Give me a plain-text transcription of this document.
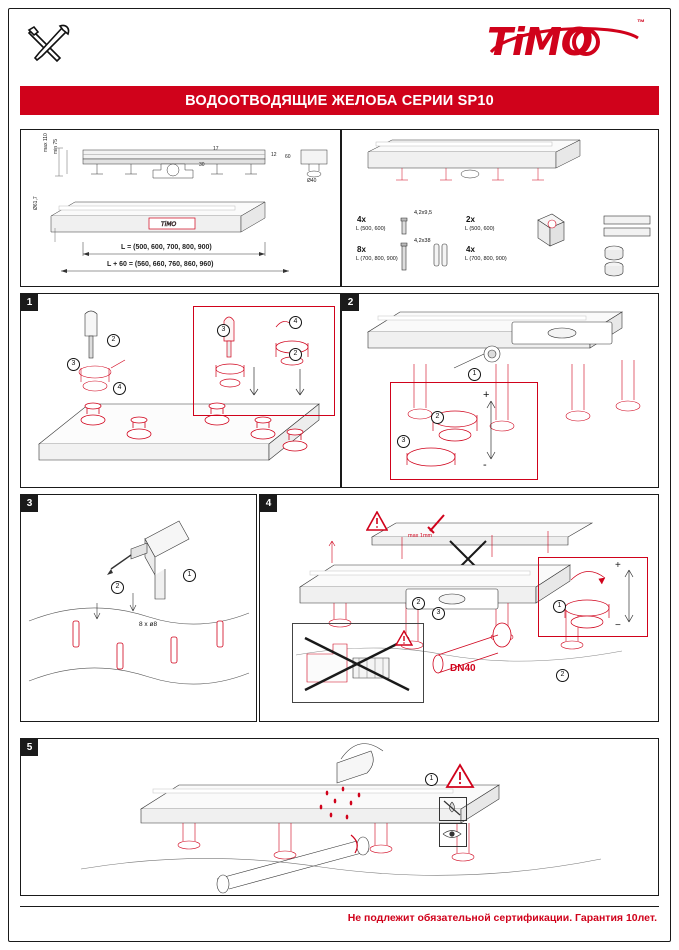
TiMO	™
ВОДООТВОДЯЩИЕ ЖЕЛОБА СЕРИИ SP10
TiMO
max 110 min 75
12 60
30
17
Ø61,7
Ø40
L = (500, 600, 700, 800, 900)
L + 60 = (560, 660, 760, 860, 960)
4x
L (500, 600)
4,2x9,5
8x
L (700, 800, 900)
4,2x38
2x
L (500, 600)
4x
L (700, 800, 900)
1
3
2
4
3
4
2
2
+
-
2
3
1
3
2
1
8 x ø8
4
max 1mm
+
−
1
DN40
3
2
2
5
1
Не подлежит обязательной сертификации. Гарантия 10лет.
